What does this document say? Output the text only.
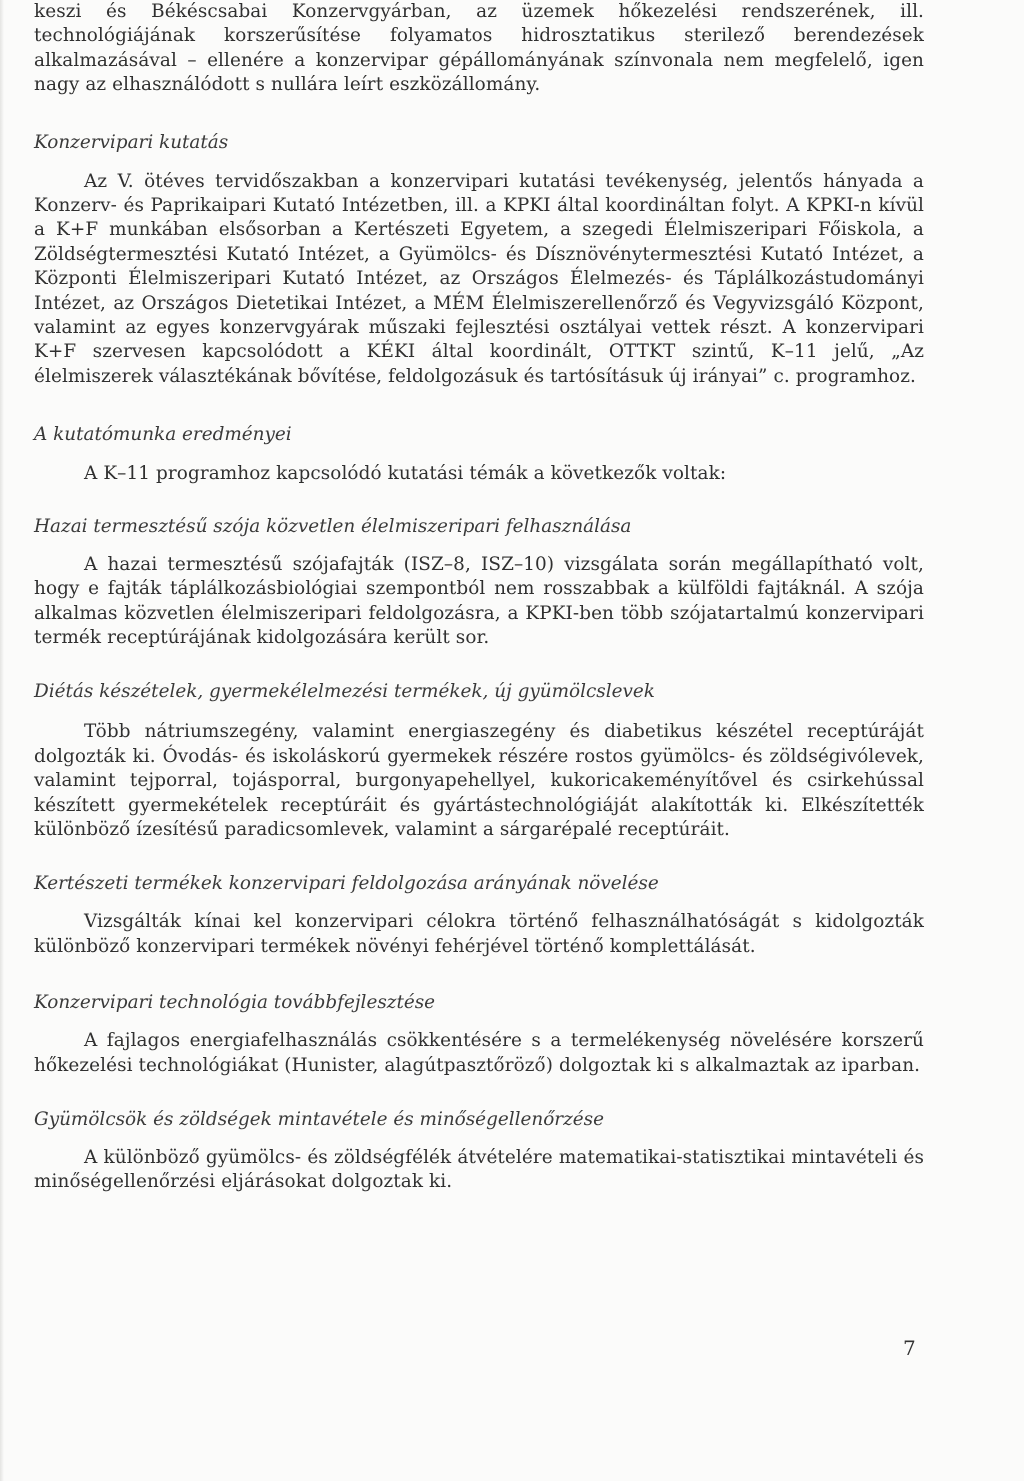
keszi és Békéscsabai Konzervgyárban, az üzemek hőkezelési rendszerének, ill. technológiájának korszerűsítése folyamatos hidrosztatikus sterilező berendezések alkalmazásával – ellenére a konzervipar gépállományának színvonala nem megfelelő, igen nagy az elhasználódott s nullára leírt eszközállomány.

Konzervipari kutatás

Az V. ötéves tervidőszakban a konzervipari kutatási tevékenység, jelentős hányada a Konzerv- és Paprikaipari Kutató Intézetben, ill. a KPKI által koordináltan folyt. A KPKI-n kívül a K+F munkában elsősorban a Kertészeti Egyetem, a szegedi Élelmiszeripari Főiskola, a Zöldségtermesztési Kutató Intézet, a Gyümölcs- és Dísznövénytermesztési Kutató Intézet, a Központi Élelmiszeripari Kutató Intézet, az Országos Élelmezés- és Táplálkozástudományi Intézet, az Országos Dietetikai Intézet, a MÉM Élelmiszerellenőrző és Vegyvizsgáló Központ, valamint az egyes konzervgyárak műszaki fejlesztési osztályai vettek részt. A konzervipari K+F szervesen kapcsolódott a KÉKI által koordinált, OTTKT szintű, K–11 jelű, „Az élelmiszerek választékának bővítése, feldolgozásuk és tartósításuk új irányai” c. programhoz.

A kutatómunka eredményei

A K–11 programhoz kapcsolódó kutatási témák a következők voltak:

Hazai termesztésű szója közvetlen élelmiszeripari felhasználása

A hazai termesztésű szójafajták (ISZ–8, ISZ–10) vizsgálata során megállapítható volt, hogy e fajták táplálkozásbiológiai szempontból nem rosszabbak a külföldi fajtáknál. A szója alkalmas közvetlen élelmiszeripari feldolgozásra, a KPKI-ben több szójatartalmú konzervipari termék receptúrájának kidolgozására került sor.

Diétás készételek, gyermekélelmezési termékek, új gyümölcslevek

Több nátriumszegény, valamint energiaszegény és diabetikus készétel receptúráját dolgozták ki. Óvodás- és iskoláskorú gyermekek részére rostos gyümölcs- és zöldségivólevek, valamint tejporral, tojásporral, burgonyapehellyel, kukoricakeményítővel és csirkehússal készített gyermekételek receptúráit és gyártástechnológiáját alakították ki. Elkészítették különböző ízesítésű paradicsomlevek, valamint a sárgarépalé receptúráit.

Kertészeti termékek konzervipari feldolgozása arányának növelése

Vizsgálták kínai kel konzervipari célokra történő felhasználhatóságát s kidolgozták különböző konzervipari termékek növényi fehérjével történő komplettálását.

Konzervipari technológia továbbfejlesztése

A fajlagos energiafelhasználás csökkentésére s a termelékenység növelésére korszerű hőkezelési technológiákat (Hunister, alagútpasztőröző) dolgoztak ki s alkalmaztak az iparban.

Gyümölcsök és zöldségek mintavétele és minőségellenőrzése

A különböző gyümölcs- és zöldségfélék átvételére matematikai-statisztikai mintavételi és minőségellenőrzési eljárásokat dolgoztak ki.

7
